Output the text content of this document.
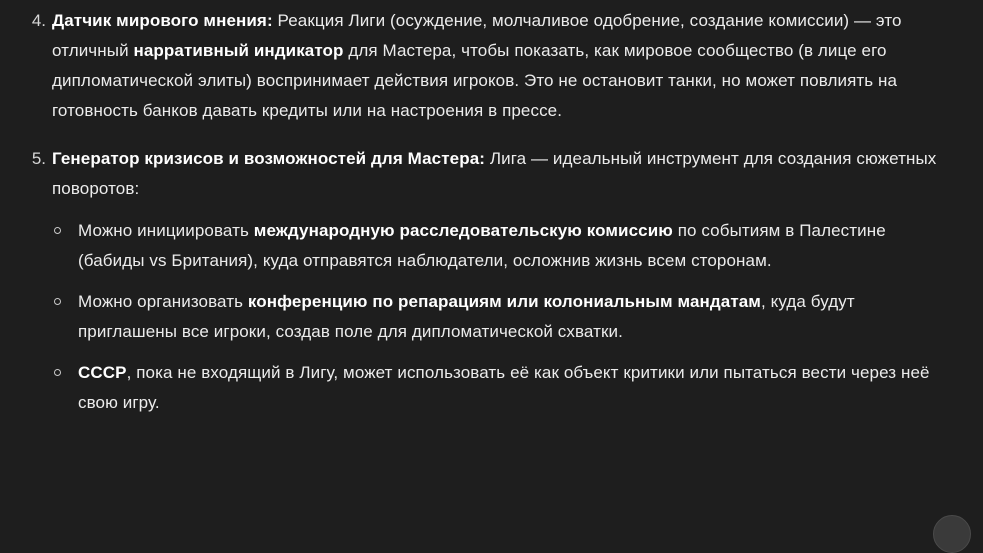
4. Датчик мирового мнения: Реакция Лиги (осуждение, молчаливое одобрение, создание комиссии) — это отличный нарративный индикатор для Мастера, чтобы показать, как мировое сообщество (в лице его дипломатической элиты) воспринимает действия игроков. Это не остановит танки, но может повлиять на готовность банков давать кредиты или на настроения в прессе.

5. Генератор кризисов и возможностей для Мастера: Лига — идеальный инструмент для создания сюжетных поворотов:

Можно инициировать международную расследовательскую комиссию по событиям в Палестине (бабиды vs Британия), куда отправятся наблюдатели, осложнив жизнь всем сторонам.

Можно организовать конференцию по репарациям или колониальным мандатам, куда будут приглашены все игроки, создав поле для дипломатической схватки.

СССР, пока не входящий в Лигу, может использовать её как объект критики или пытаться вести через неё свою игру.
